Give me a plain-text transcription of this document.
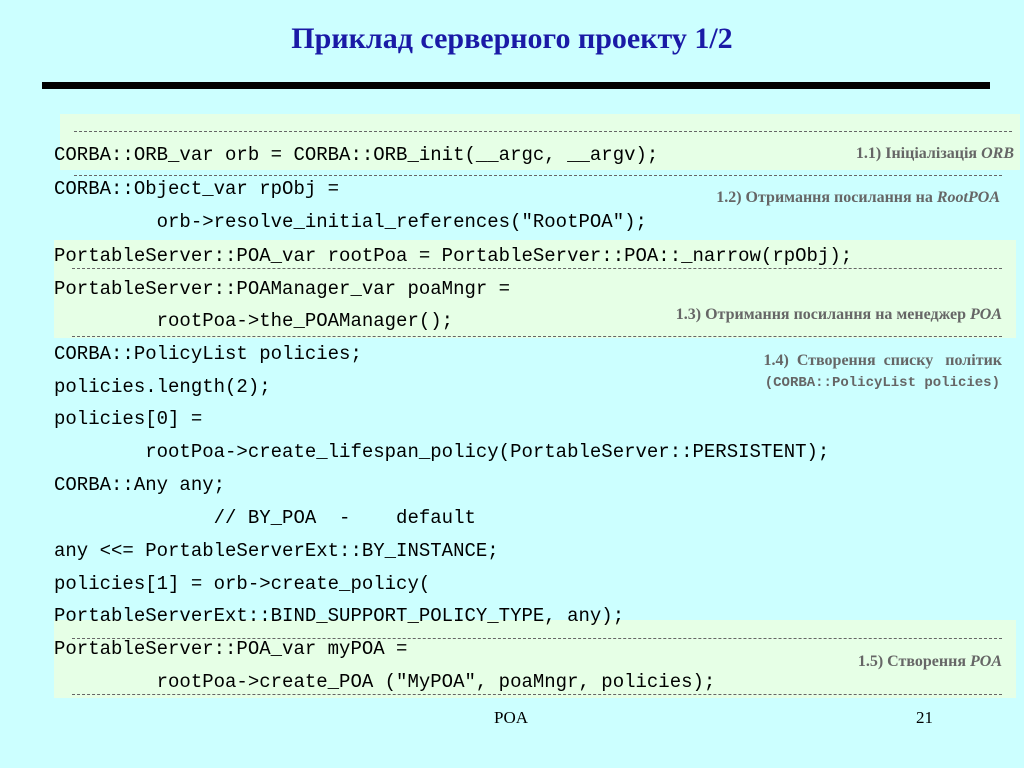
Приклад серверного проекту 1/2
CORBA::ORB_var orb = CORBA::ORB_init(__argc, __argv);
CORBA::Object_var rpObj =
orb->resolve_initial_references("RootPOA");
PortableServer::POA_var rootPoa = PortableServer::POA::_narrow(rpObj);
PortableServer::POAManager_var poaMngr =
rootPoa->the_POAManager();
CORBA::PolicyList policies;
policies.length(2);
policies[0] =
rootPoa->create_lifespan_policy(PortableServer::PERSISTENT);
CORBA::Any any;
// BY_POA  -    default
any <<= PortableServerExt::BY_INSTANCE;
policies[1] = orb->create_policy(
PortableServerExt::BIND_SUPPORT_POLICY_TYPE, any);
PortableServer::POA_var myPOA =
rootPoa->create_POA ("MyPOA", poaMngr, policies);
1.1) Ініціалізація ORB
1.2) Отримання посилання на RootPOA
1.3) Отримання посилання на менеджер POA
1.4)  Створення  списку   політик
(CORBA::PolicyList policies)
1.5) Створення POA
POA	21
